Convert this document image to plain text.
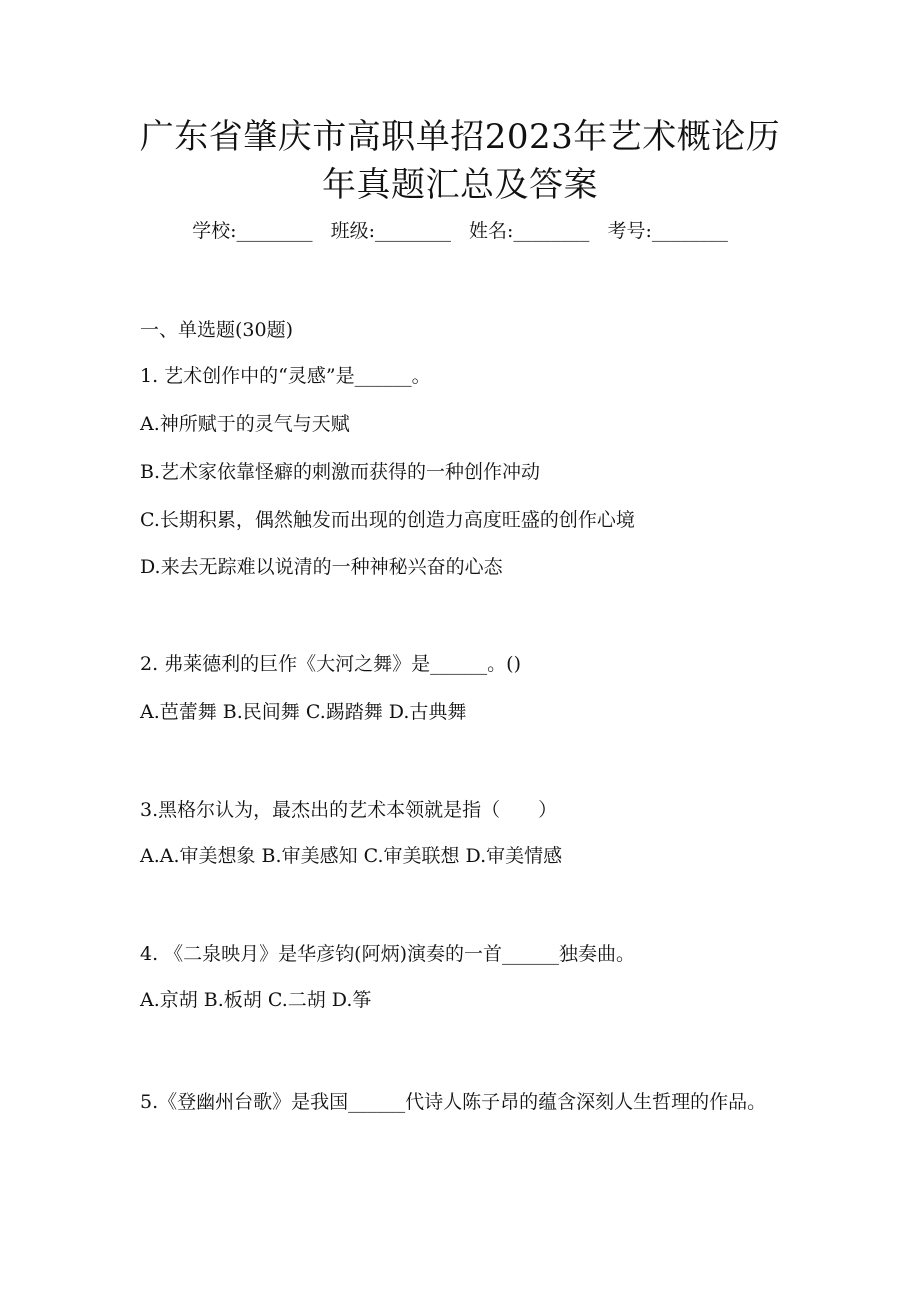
广东省肇庆市高职单招2023年艺术概论历
年真题汇总及答案
学校:________ 班级:________ 姓名:________ 考号:________
一、单选题(30题)
1. 艺术创作中的“灵感”是______。
A.神所赋于的灵气与天赋
B.艺术家依靠怪癖的刺激而获得的一种创作冲动
C.长期积累，偶然触发而出现的创造力高度旺盛的创作心境
D.来去无踪难以说清的一种神秘兴奋的心态
2. 弗莱德利的巨作《大河之舞》是______。()
A.芭蕾舞 B.民间舞 C.踢踏舞 D.古典舞
3.黑格尔认为，最杰出的艺术本领就是指（　　）
A.A.审美想象 B.审美感知 C.审美联想 D.审美情感
4. 《二泉映月》是华彦钧(阿炳)演奏的一首______独奏曲。
A.京胡 B.板胡 C.二胡 D.筝
5.《登幽州台歌》是我国______代诗人陈子昂的蕴含深刻人生哲理的作品。
